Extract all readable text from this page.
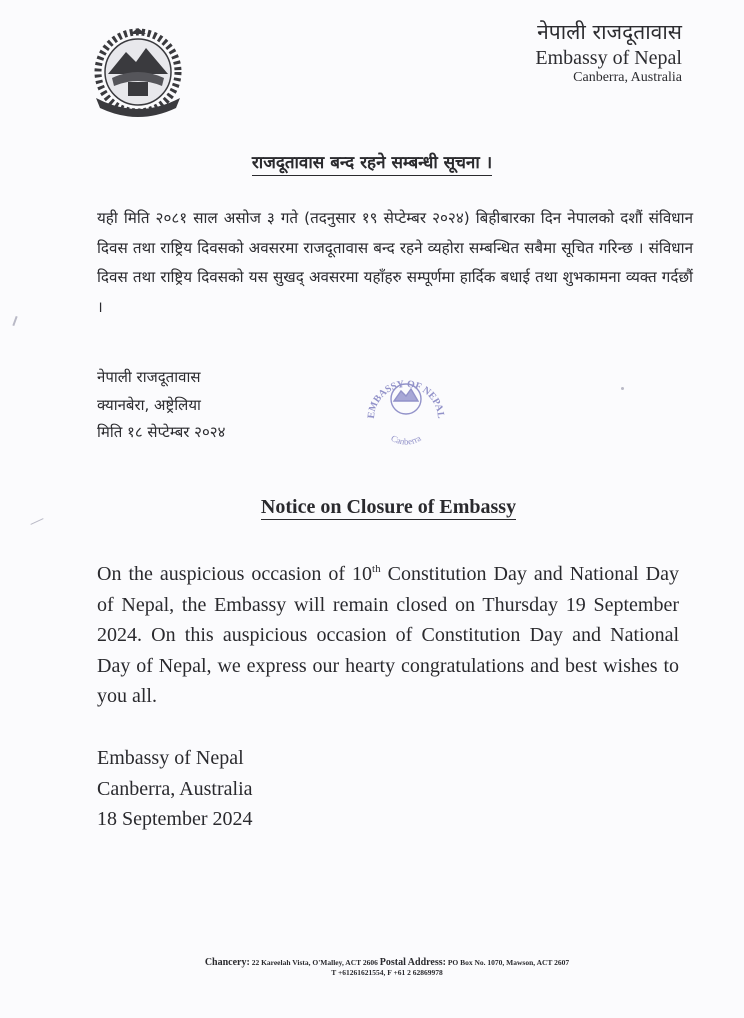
नेपाली राजदूतावास
Embassy of Nepal
Canberra, Australia
राजदूतावास बन्द रहने सम्बन्धी सूचना ।
यही मिति २०८१ साल असोज ३ गते (तदनुसार १९ सेप्टेम्बर २०२४) बिहीबारका दिन नेपालको दशौं संविधान दिवस तथा राष्ट्रिय दिवसको अवसरमा राजदूतावास बन्द रहने व्यहोरा सम्बन्धित सबैमा सूचित गरिन्छ । संविधान दिवस तथा राष्ट्रिय दिवसको यस सुखद् अवसरमा यहाँहरु सम्पूर्णमा हार्दिक बधाई तथा शुभकामना व्यक्त गर्दछौं ।
नेपाली राजदूतावास
क्यानबेरा, अष्ट्रेलिया
मिति १८ सेप्टेम्बर २०२४
EMBASSY OF NEPAL
Canberra
Notice on Closure of Embassy
On the auspicious occasion of 10th Constitution Day and National Day of Nepal, the Embassy will remain closed on Thursday 19 September 2024. On this auspicious occasion of Constitution Day and National Day of Nepal, we express our hearty congratulations and best wishes to you all.
Embassy of Nepal
Canberra, Australia
18 September 2024
Chancery: 22 Kareelah Vista, O'Malley, ACT 2606 Postal Address: PO Box No. 1070, Mawson, ACT 2607
T +61261621554, F +61 2 62869978
